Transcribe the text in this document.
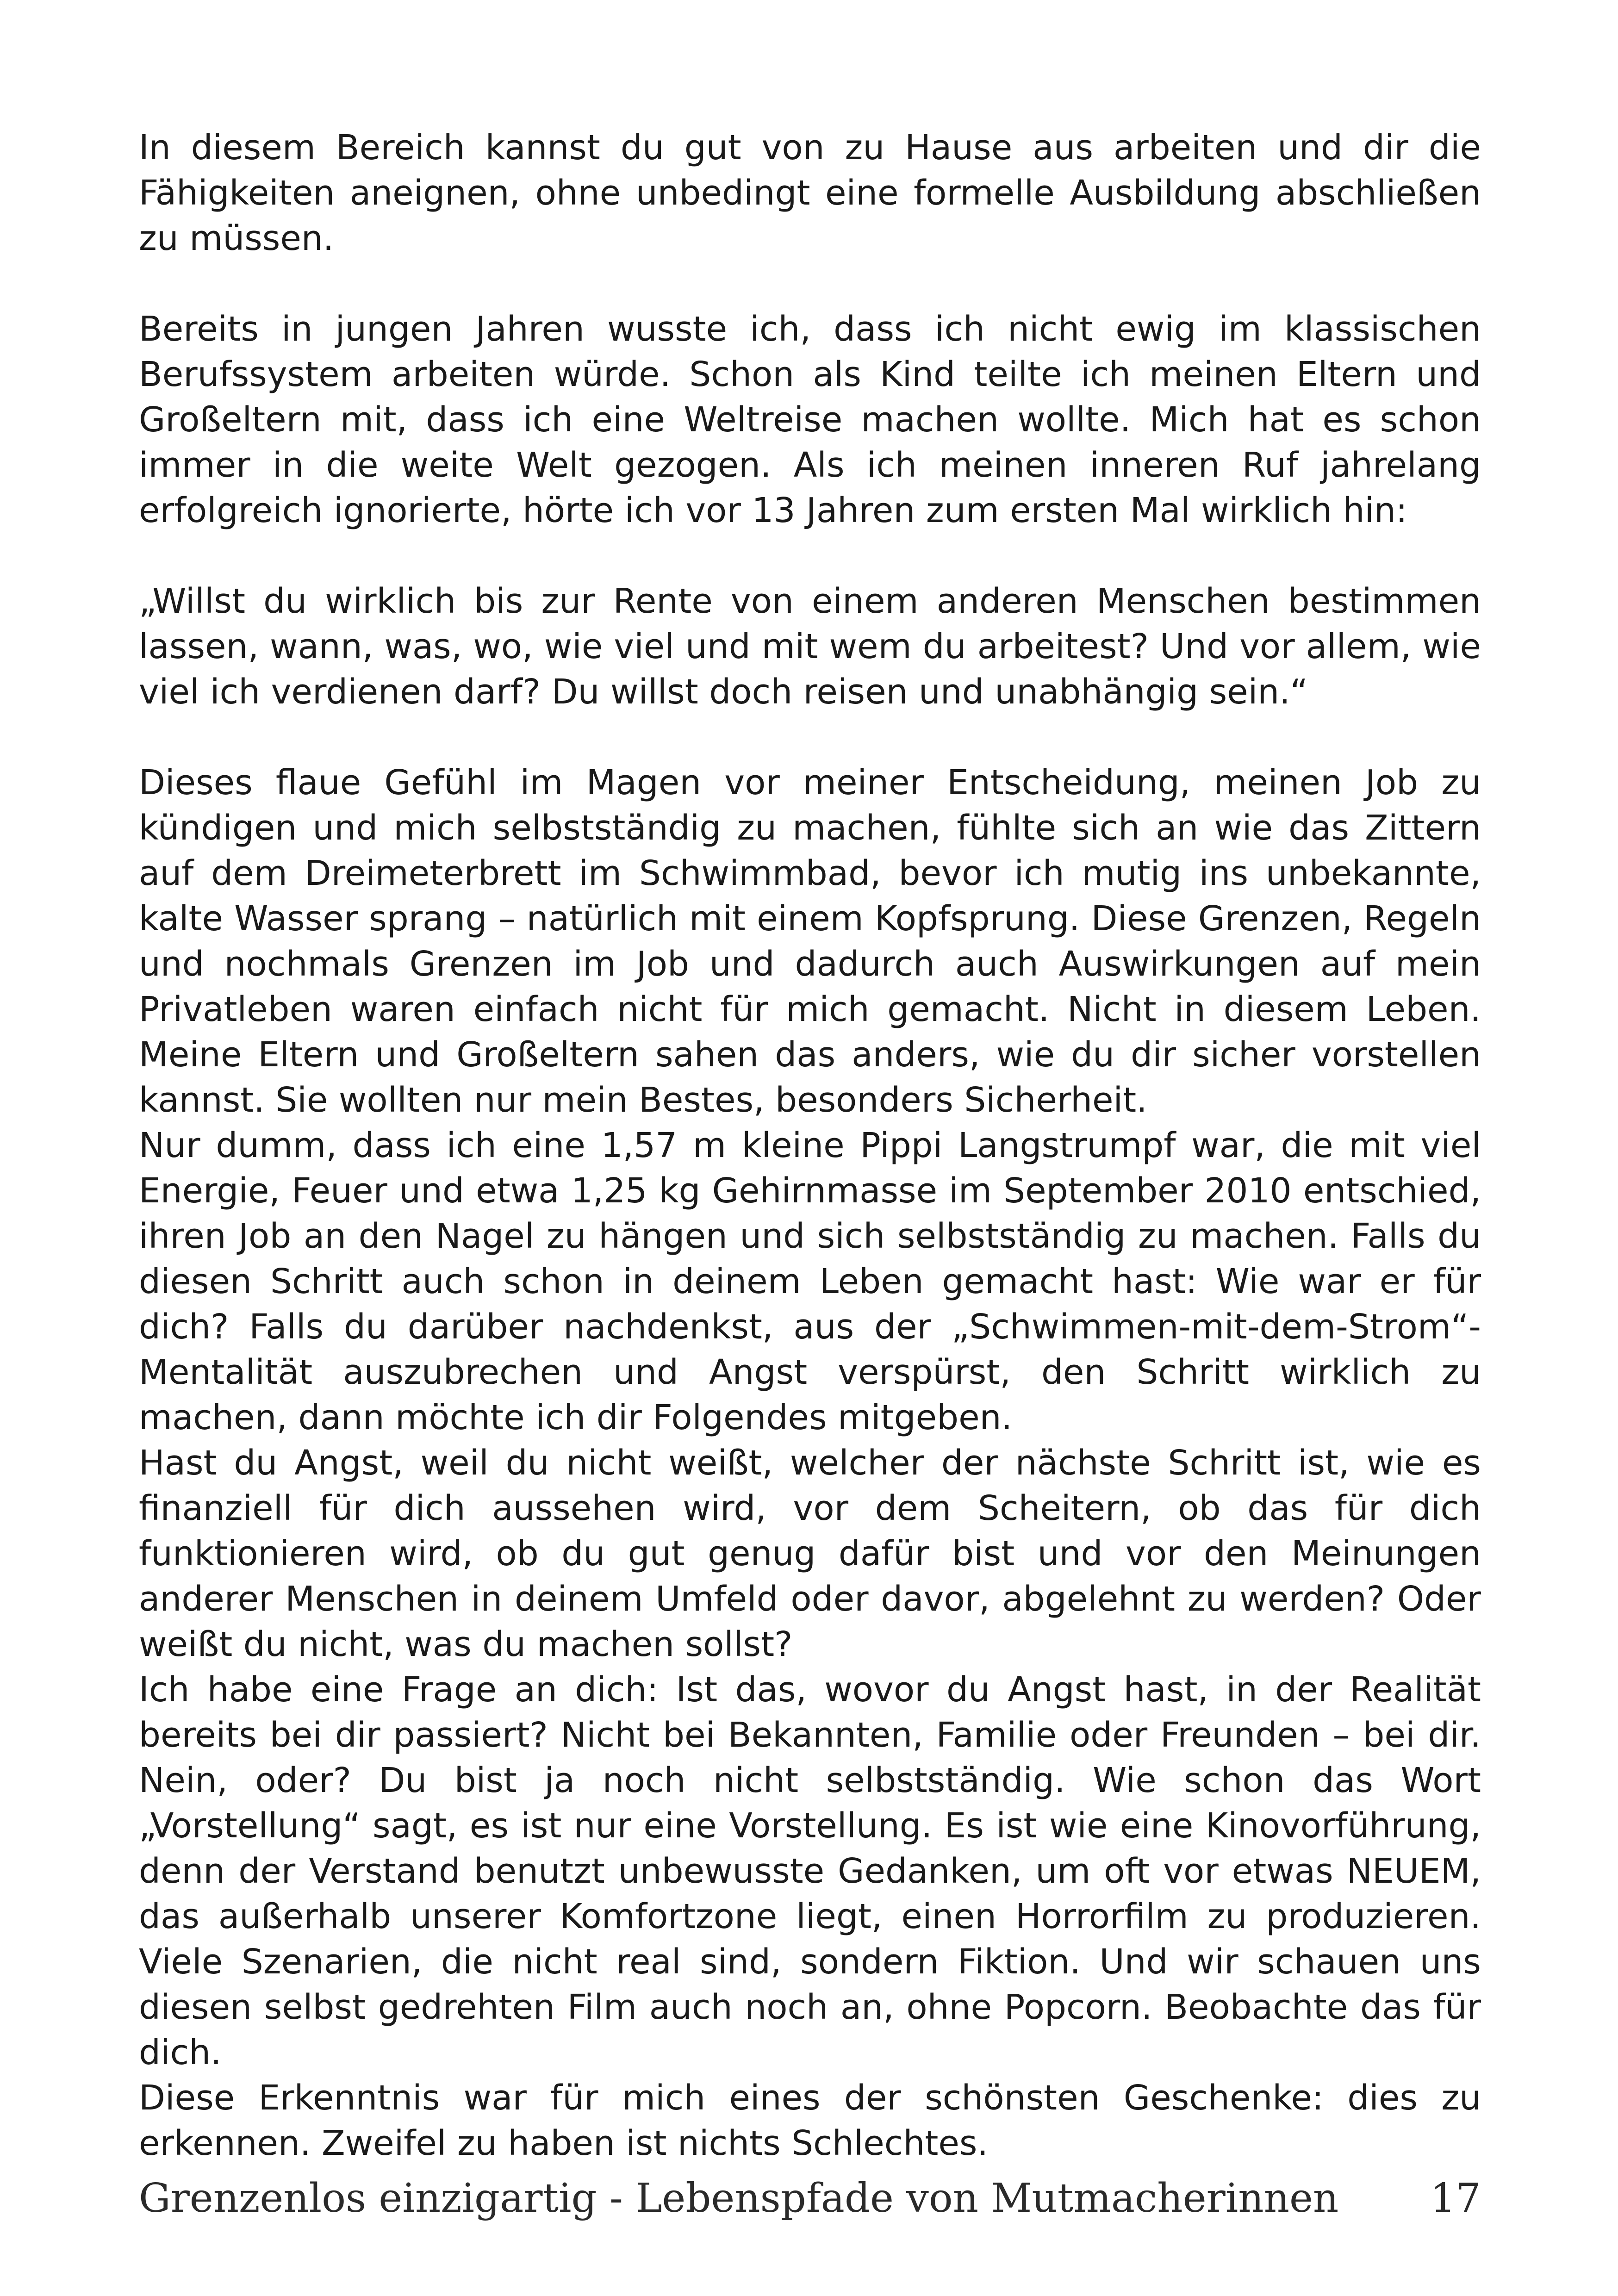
In diesem Bereich kannst du gut von zu Hause aus arbeiten und dir die Fähigkeiten aneignen, ohne unbedingt eine formelle Ausbildung abschließen zu müssen.

Bereits in jungen Jahren wusste ich, dass ich nicht ewig im klassischen Berufssystem arbeiten würde. Schon als Kind teilte ich meinen Eltern und Großeltern mit, dass ich eine Weltreise machen wollte. Mich hat es schon immer in die weite Welt gezogen. Als ich meinen inneren Ruf jahrelang erfolgreich ignorierte, hörte ich vor 13 Jahren zum ersten Mal wirklich hin:

„Willst du wirklich bis zur Rente von einem anderen Menschen bestimmen lassen, wann, was, wo, wie viel und mit wem du arbeitest? Und vor allem, wie viel ich verdienen darf? Du willst doch reisen und unabhängig sein.“

Dieses flaue Gefühl im Magen vor meiner Entscheidung, meinen Job zu kündigen und mich selbstständig zu machen, fühlte sich an wie das Zittern auf dem Dreimeterbrett im Schwimmbad, bevor ich mutig ins unbekannte, kalte Wasser sprang – natürlich mit einem Kopfsprung. Diese Grenzen, Regeln und nochmals Grenzen im Job und dadurch auch Auswirkungen auf mein Privatleben waren einfach nicht für mich gemacht. Nicht in diesem Leben. Meine Eltern und Großeltern sahen das anders, wie du dir sicher vorstellen kannst. Sie wollten nur mein Bestes, besonders Sicherheit.

Nur dumm, dass ich eine 1,57 m kleine Pippi Langstrumpf war, die mit viel Energie, Feuer und etwa 1,25 kg Gehirnmasse im September 2010 entschied, ihren Job an den Nagel zu hängen und sich selbstständig zu machen. Falls du diesen Schritt auch schon in deinem Leben gemacht hast: Wie war er für dich? Falls du darüber nachdenkst, aus der „Schwimmen-mit-dem-Strom“-Mentalität auszubrechen und Angst verspürst, den Schritt wirklich zu machen, dann möchte ich dir Folgendes mitgeben.

Hast du Angst, weil du nicht weißt, welcher der nächste Schritt ist, wie es finanziell für dich aussehen wird, vor dem Scheitern, ob das für dich funktionieren wird, ob du gut genug dafür bist und vor den Meinungen anderer Menschen in deinem Umfeld oder davor, abgelehnt zu werden? Oder weißt du nicht, was du machen sollst?

Ich habe eine Frage an dich: Ist das, wovor du Angst hast, in der Realität bereits bei dir passiert? Nicht bei Bekannten, Familie oder Freunden – bei dir. Nein, oder? Du bist ja noch nicht selbstständig. Wie schon das Wort „Vorstellung“ sagt, es ist nur eine Vorstellung. Es ist wie eine Kinovorführung, denn der Verstand benutzt unbewusste Gedanken, um oft vor etwas NEUEM, das außerhalb unserer Komfortzone liegt, einen Horrorfilm zu produzieren. Viele Szenarien, die nicht real sind, sondern Fiktion. Und wir schauen uns diesen selbst gedrehten Film auch noch an, ohne Popcorn. Beobachte das für dich.

Diese Erkenntnis war für mich eines der schönsten Geschenke: dies zu erkennen. Zweifel zu haben ist nichts Schlechtes.

Grenzenlos einzigartig - Lebenspfade von Mutmacherinnen 17
